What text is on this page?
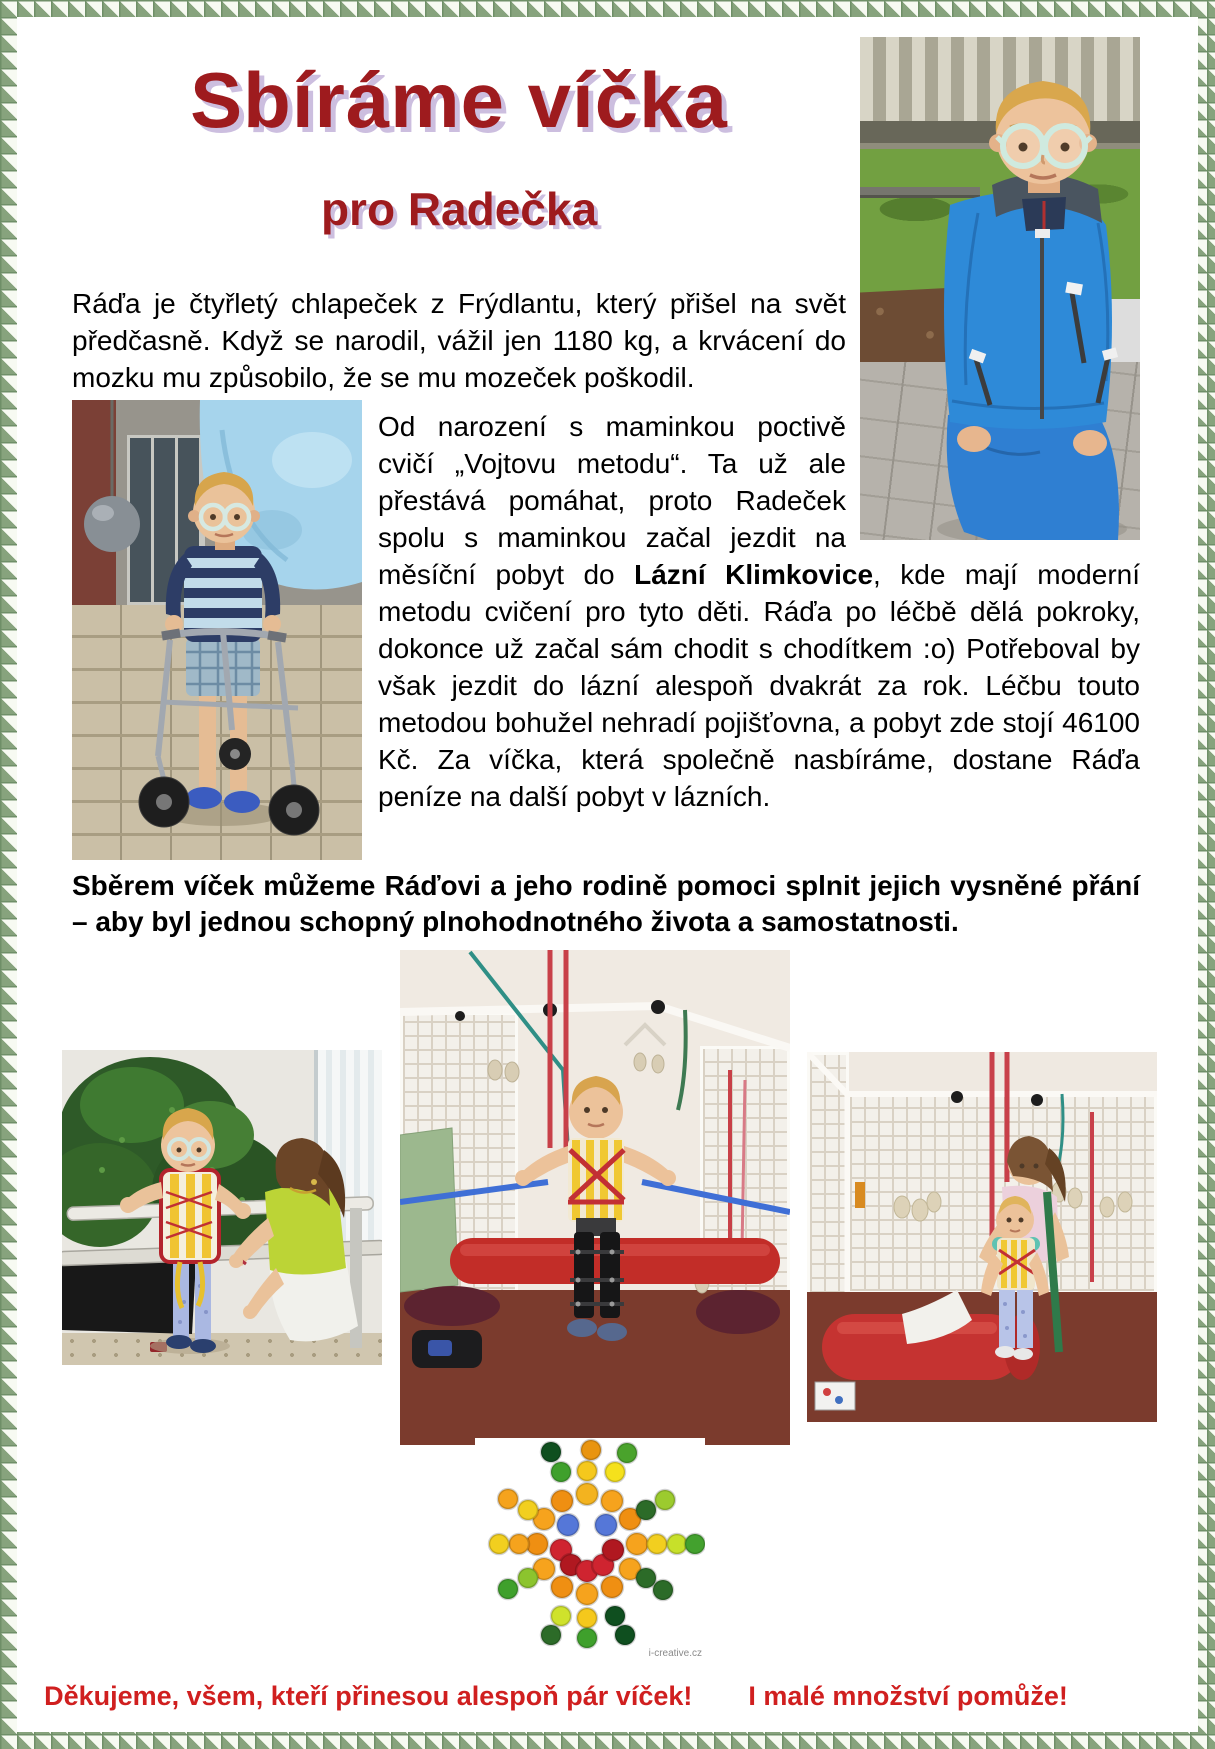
Sbíráme víčka
pro Radečka

Ráďa je čtyřletý chlapeček z Frýdlantu, který přišel na svět předčasně. Když se narodil, vážil jen 1180 kg, a krvácení do mozku mu způsobilo, že se mu mozeček poškodil.

Od narození s maminkou poctivě cvičí „Vojtovu metodu“. Ta už ale přestává pomáhat, proto Radeček spolu s maminkou začal jezdit na měsíční pobyt do Lázní Klimkovice, kde mají moderní metodu cvičení pro tyto děti. Ráďa po léčbě dělá pokroky, dokonce už začal sám chodit s chodítkem :o) Potřeboval by však jezdit do lázní alespoň dvakrát za rok. Léčbu touto metodou bohužel nehradí pojišťovna, a pobyt zde stojí 46100 Kč. Za víčka, která společně nasbíráme, dostane Ráďa peníze na další pobyt v lázních.

Sběrem víček můžeme Ráďovi a jeho rodině pomoci splnit jejich vysněné přání – aby byl jednou schopný plnohodnotného života a samostatnosti.

i-creative.cz
Děkujeme, všem, kteří přinesou alespoň pár víček! I malé množství pomůže!
